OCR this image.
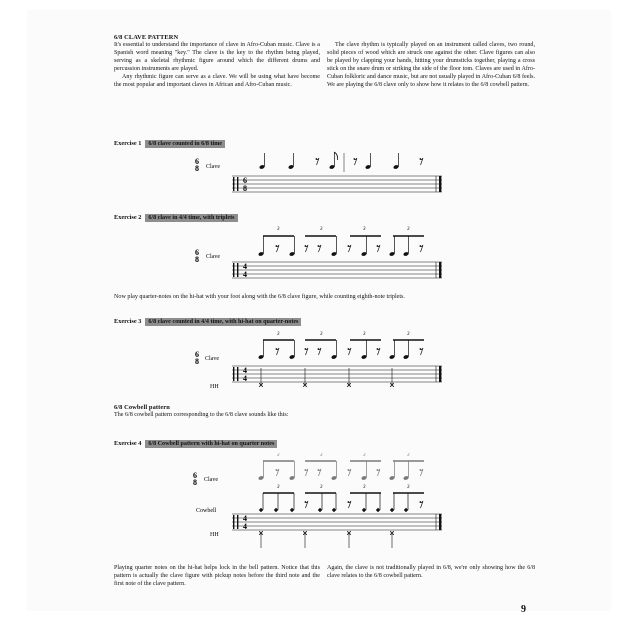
6/8 CLAVE PATTERN

It's essential to understand the importance of clave in Afro-Cuban music. Clave is a Spanish word meaning "key." The clave is the key to the rhythm being played, serving as a skeletal rhythmic figure around which the different drums and percussion instruments are played.

Any rhythmic figure can serve as a clave. We will be using what have become the most popular and important claves in African and Afro-Cuban music.

The clave rhythm is typically played on an instrument called claves, two round, solid pieces of wood which are struck one against the other. Clave figures can also be played by clapping your hands, hitting your drumsticks together, playing a cross stick on the snare drum or striking the side of the floor tom. Claves are used in Afro-Cuban folkloric and dance music, but are not usually played in Afro-Cuban 6/8 feels. We are playing the 6/8 clave only to show how it relates to the 6/8 cowbell pattern.
Exercise 1 6/8 clave counted in 6/8 time
6
8 Clave
6
8
6
8 Clave
3	3	3	3
4
4
6
8 Clave
HH
3	3	3	3
4
4
6
8 Clave
Cowbell
HH
3	3	3	3
3	3	3	3
4
4
Exercise 2 6/8 clave in 4/4 time, with triplets
Now play quarter-notes on the hi-hat with your foot along with the 6/8 clave figure, while counting eighth-note triplets.
Exercise 3 6/8 clave counted in 4/4 time, with hi-hat on quarter-notes
6/8 Cowbell pattern
The 6/8 cowbell pattern corresponding to the 6/8 clave sounds like this:
Exercise 4 6/8 Cowbell pattern with hi-hat on quarter notes
Playing quarter notes on the hi-hat helps lock in the bell pattern. Notice that this pattern is actually the clave figure with pickup notes before the third note and the first note of the clave pattern.
Again, the clave is not traditionally played in 6/8, we're only showing how the 6/8 clave relates to the 6/8 cowbell pattern.
9
